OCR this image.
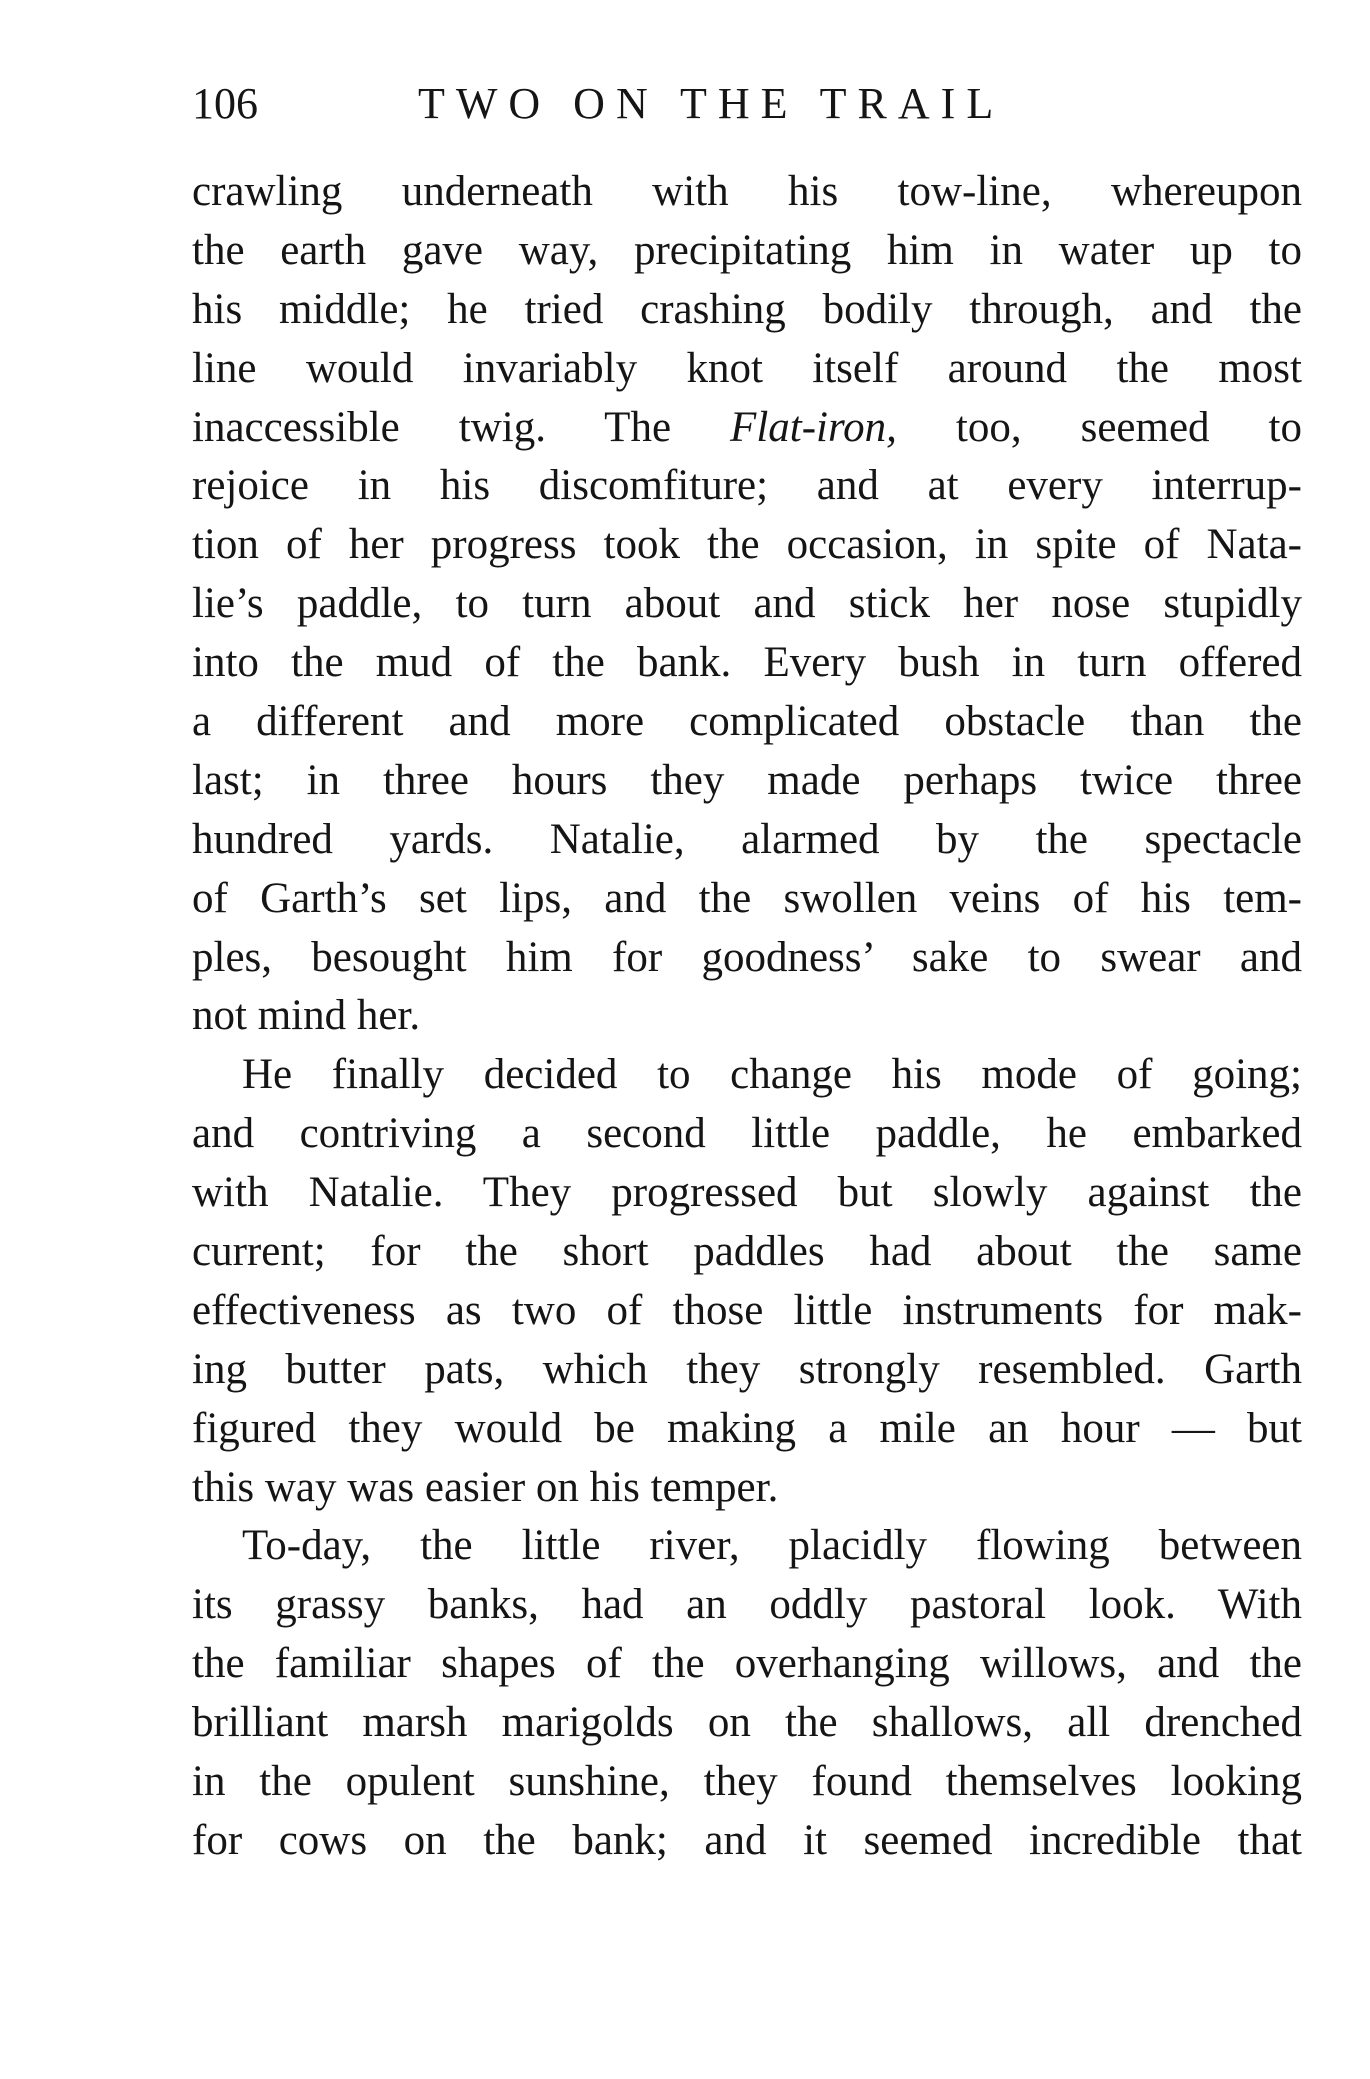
106	TWO ON THE TRAIL
crawling underneath with his tow-line, whereupon
the earth gave way, precipitating him in water up to
his middle; he tried crashing bodily through, and the
line would invariably knot itself around the most
inaccessible twig. The Flat-iron, too, seemed to
rejoice in his discomfiture; and at every interrup-
tion of her progress took the occasion, in spite of Nata-
lie’s paddle, to turn about and stick her nose stupidly
into the mud of the bank. Every bush in turn offered
a different and more complicated obstacle than the
last; in three hours they made perhaps twice three
hundred yards. Natalie, alarmed by the spectacle
of Garth’s set lips, and the swollen veins of his tem-
ples, besought him for goodness’ sake to swear and
not mind her.
He finally decided to change his mode of going;
and contriving a second little paddle, he embarked
with Natalie. They progressed but slowly against the
current; for the short paddles had about the same
effectiveness as two of those little instruments for mak-
ing butter pats, which they strongly resembled. Garth
figured they would be making a mile an hour — but
this way was easier on his temper.
To-day, the little river, placidly flowing between
its grassy banks, had an oddly pastoral look. With
the familiar shapes of the overhanging willows, and the
brilliant marsh marigolds on the shallows, all drenched
in the opulent sunshine, they found themselves looking
for cows on the bank; and it seemed incredible that
